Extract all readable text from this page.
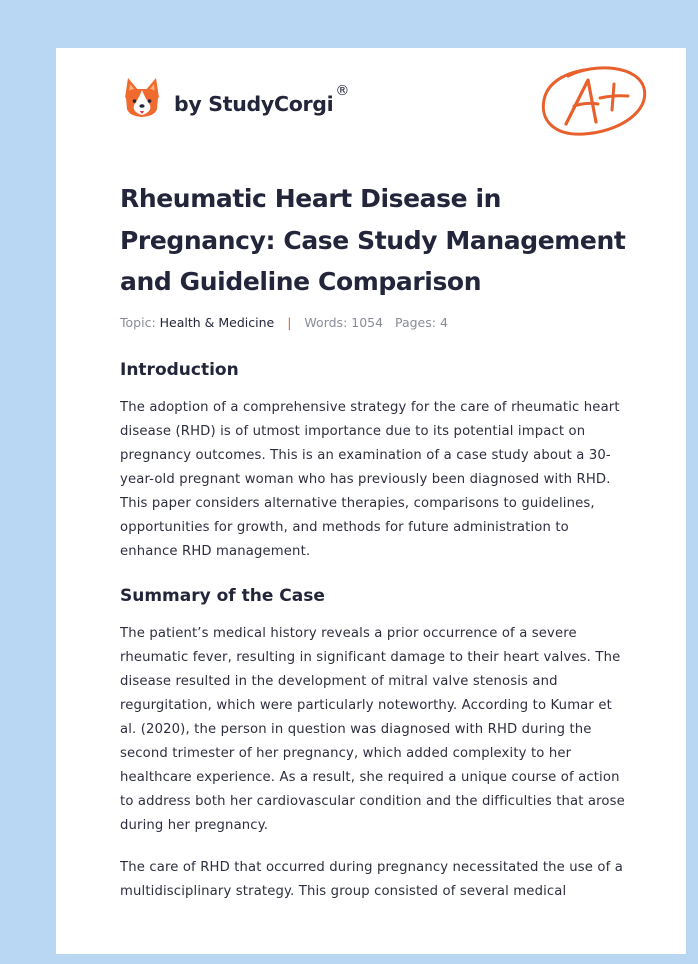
by StudyCorgi®
A+
Rheumatic Heart Disease in Pregnancy: Case Study Management and Guideline Comparison
Topic: Health & Medicine | Words: 1054 Pages: 4
Introduction

The adoption of a comprehensive strategy for the care of rheumatic heart disease (RHD) is of utmost importance due to its potential impact on pregnancy outcomes. This is an examination of a case study about a 30-year-old pregnant woman who has previously been diagnosed with RHD. This paper considers alternative therapies, comparisons to guidelines, opportunities for growth, and methods for future administration to enhance RHD management.

Summary of the Case

The patient’s medical history reveals a prior occurrence of a severe rheumatic fever, resulting in significant damage to their heart valves. The disease resulted in the development of mitral valve stenosis and regurgitation, which were particularly noteworthy. According to Kumar et al. (2020), the person in question was diagnosed with RHD during the second trimester of her pregnancy, which added complexity to her healthcare experience. As a result, she required a unique course of action to address both her cardiovascular condition and the difficulties that arose during her pregnancy.

The care of RHD that occurred during pregnancy necessitated the use of a multidisciplinary strategy. This group consisted of several medical
